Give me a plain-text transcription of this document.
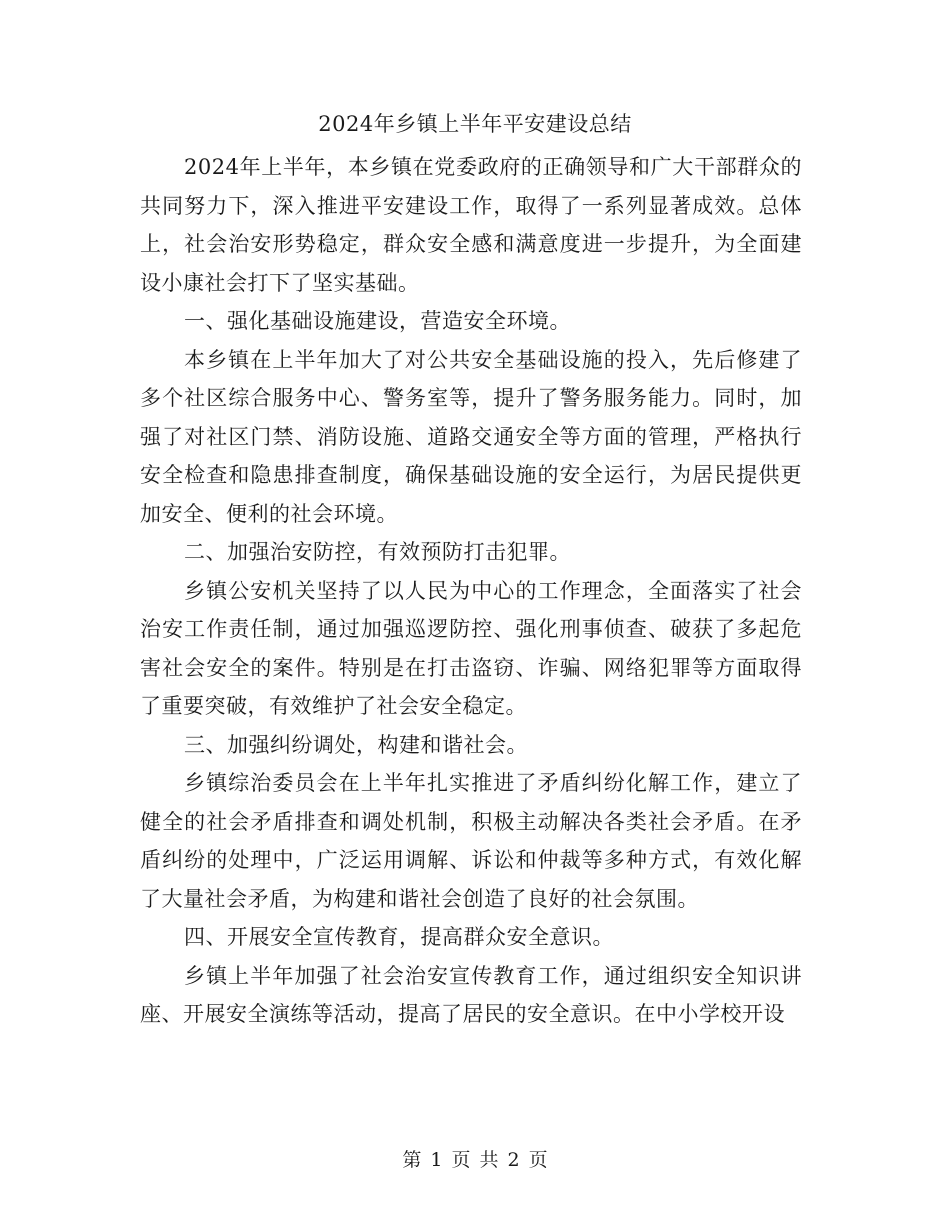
2024年乡镇上半年平安建设总结

2024年上半年，本乡镇在党委政府的正确领导和广大干部群众的共同努力下，深入推进平安建设工作，取得了一系列显著成效。总体上，社会治安形势稳定，群众安全感和满意度进一步提升，为全面建设小康社会打下了坚实基础。

一、强化基础设施建设，营造安全环境。

本乡镇在上半年加大了对公共安全基础设施的投入，先后修建了多个社区综合服务中心、警务室等，提升了警务服务能力。同时，加强了对社区门禁、消防设施、道路交通安全等方面的管理，严格执行安全检查和隐患排查制度，确保基础设施的安全运行，为居民提供更加安全、便利的社会环境。

二、加强治安防控，有效预防打击犯罪。

乡镇公安机关坚持了以人民为中心的工作理念，全面落实了社会治安工作责任制，通过加强巡逻防控、强化刑事侦查、破获了多起危害社会安全的案件。特别是在打击盗窃、诈骗、网络犯罪等方面取得了重要突破，有效维护了社会安全稳定。

三、加强纠纷调处，构建和谐社会。

乡镇综治委员会在上半年扎实推进了矛盾纠纷化解工作，建立了健全的社会矛盾排查和调处机制，积极主动解决各类社会矛盾。在矛盾纠纷的处理中，广泛运用调解、诉讼和仲裁等多种方式，有效化解了大量社会矛盾，为构建和谐社会创造了良好的社会氛围。

四、开展安全宣传教育，提高群众安全意识。

乡镇上半年加强了社会治安宣传教育工作，通过组织安全知识讲座、开展安全演练等活动，提高了居民的安全意识。在中小学校开设

第 1 页 共 2 页
